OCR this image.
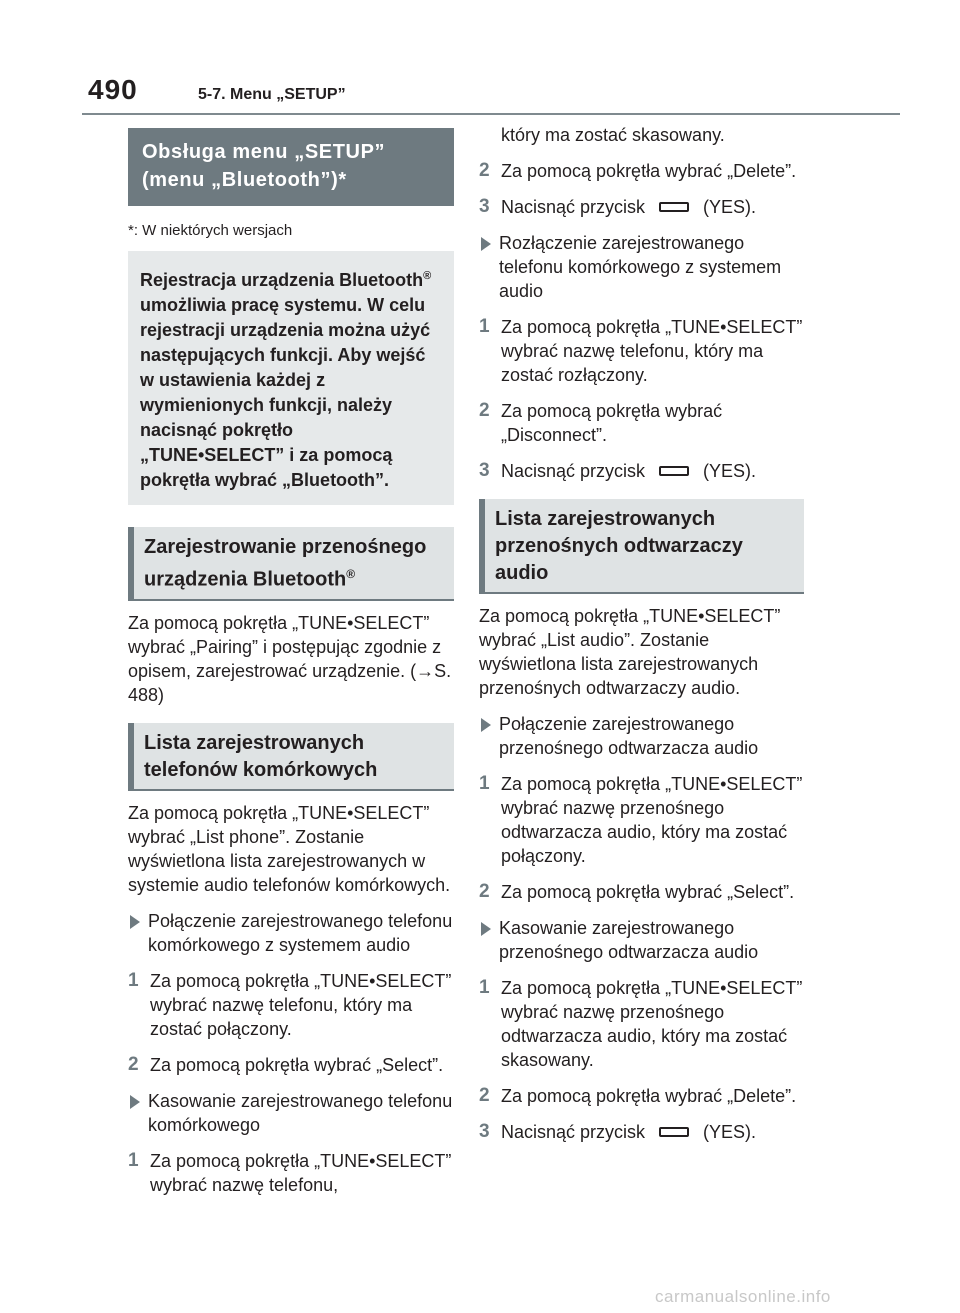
490	5-7. Menu „SETUP”
Obsługa menu „SETUP” (menu „Bluetooth”)*
*: W niektórych wersjach
Rejestracja urządzenia Bluetooth® umożliwia pracę systemu. W celu rejestracji urządzenia można użyć następujących funkcji. Aby wejść w ustawienia każdej z wymienionych funkcji, należy nacisnąć pokrętło „TUNE•SELECT” i za pomocą pokrętła wybrać „Bluetooth”.
Zarejestrowanie przenośnego urządzenia Bluetooth®
Za pomocą pokrętła „TUNE•SELECT” wybrać „Pairing” i postępując zgodnie z opisem, zarejestrować urządzenie. (→S. 488)
Lista zarejestrowanych telefonów komórkowych
Za pomocą pokrętła „TUNE•SELECT” wybrać „List phone”. Zostanie wyświetlona lista zarejestrowanych w systemie audio telefonów komórkowych.
Połączenie zarejestrowanego telefonu komórkowego z systemem audio
1 Za pomocą pokrętła „TUNE•SELECT” wybrać nazwę telefonu, który ma zostać połączony.
2 Za pomocą pokrętła wybrać „Select”.
Kasowanie zarejestrowanego telefonu komórkowego
1 Za pomocą pokrętła „TUNE•SELECT” wybrać nazwę telefonu,
który ma zostać skasowany.
2 Za pomocą pokrętła wybrać „Delete”.
3 Nacisnąć przycisk	(YES).
Rozłączenie zarejestrowanego telefonu komórkowego z systemem audio
1 Za pomocą pokrętła „TUNE•SELECT” wybrać nazwę telefonu, który ma zostać rozłączony.
2 Za pomocą pokrętła wybrać „Disconnect”.
3 Nacisnąć przycisk	(YES).
Lista zarejestrowanych przenośnych odtwarzaczy audio
Za pomocą pokrętła „TUNE•SELECT” wybrać „List audio”. Zostanie wyświetlona lista zarejestrowanych przenośnych odtwarzaczy audio.
Połączenie zarejestrowanego przenośnego odtwarzacza audio
1 Za pomocą pokrętła „TUNE•SELECT” wybrać nazwę przenośnego odtwarzacza audio, który ma zostać połączony.
2 Za pomocą pokrętła wybrać „Select”.
Kasowanie zarejestrowanego przenośnego odtwarzacza audio
1 Za pomocą pokrętła „TUNE•SELECT” wybrać nazwę przenośnego odtwarzacza audio, który ma zostać skasowany.
2 Za pomocą pokrętła wybrać „Delete”.
3 Nacisnąć przycisk	(YES).
carmanualsonline.info
